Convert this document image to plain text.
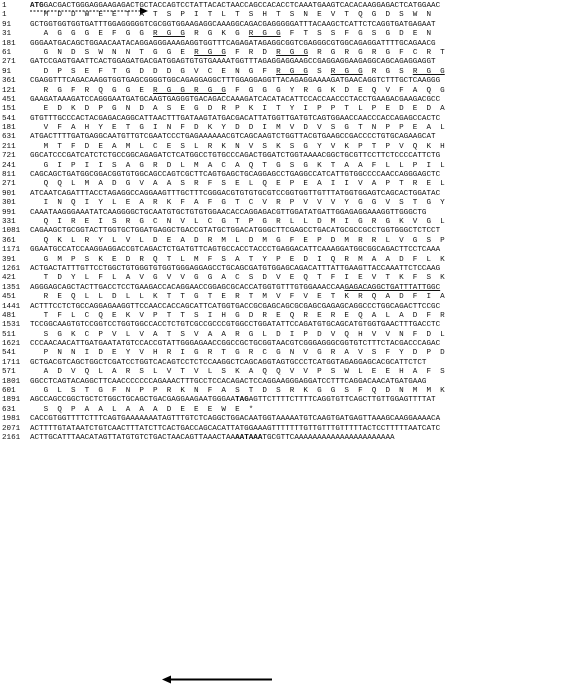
1	ATGGACGACTGGGAGGAAGAGACTGCTACCAGTCCTATTACACTAACCAGCCACACCTCAAATGAAGTCACACAAGGAGACTCATGGAAC
1	M  D  D  W  E  E  T  A  T  S  P  I  T  L  T  S  H  T  S  N  E  V  T  Q  G  D  S  W  N
91	GCTGGTGGTGGTGATTTGGAGGGGGTCGCGGTGGAAGAGGCAAAGGCAGACGAGGGGGATTTACAAGCTCATTCTCAGGTGATGAGAAT
31	A  G  G  G  E  F  G  G  R  G  G  R  G  K  G  R  G  G  F  T  S  S  F  G  S  G  D  E  N
181	GGGAATGACAGCTGGAACAATACAGGAGGGAAAGAGGTGGTTTCAGAGATAGAGGCGGTCGAGGGCGTGGCAGAGGATTTTGCAGAACG
61	G  N  D  S  W  N  N  T  G  G  E  R  G  G  F  R  D  R  G  G  R  G  R  G  R  G  F  C  R  T
271	GATCCGAGTGAATTCACTGGAGATGACGATGGAGTGTGTGAAAATGGTTTAGAGGAGGAAGCCGAGGAGGAAGAGGCAGCAGAGGAGGT
91	D  P  S  E  F  T  G  D  D  D  G  V  C  E  N  G  F  R  G  G  S  R  G  G  R  G  S  R  G  G
361	CGAGGTTTCAGACAAGGTGGTGAGCGGGGTGGCAGAGGAGGCTTTGGAGGAGGTTACAGAGGAAAAGATGAACAGGTCTTTGCTCAAGGG
121	R  G  F  R  Q  G  G  E  R  G  G  R  G  G  F  G  G  G  Y  R  G  K  D  E  Q  V  F  A  Q  G
451	GAAGATAAAGATCCAGGGAATGATGCAAGTGAGGGTGACAGACCAAAGATCACATACATTCCACCAACCCTACCTGAAGACGAAGACGCC
151	E  D  K  D  P  G  N  D  A  S  E  G  D  R  P  K  I  T  Y  I  P  P  T  L  P  E  D  E  D  A
541	GTGTTTGCCCACTACGAGACAGGCATTAACTTTGATAAGTATGACGACATTATGGTTGATGTCAGTGGAACCAACCCACCAGAGCCACTC
181	V  F  A  H  Y  E  T  G  I  N  F  D  K  Y  D  D  I  M  V  D  V  S  G  T  N  P  P  E  A  L
631	ATGACTTTTGATGAGGCAATGTTGTCGAATCCCTGAGAAAAAACGTCAGCAAGTCTGGTTACGTGAAGCCGACCCCTGTGCAGAAGCAT
211	M  T  F  D  E  A  M  L  C  E  S  L  R  K  N  V  S  K  S  G  Y  V  K  P  T  P  V  Q  K  H
721	GGCATCCCGATCATCTCTGCCGGCAGAGATCTCATGGCCTGTGCCCAGACTGGATCTGGTAAAACGGCTGCGTTCCTTCTCCCCATTCTG
241	G  I  P  I  I  S  A  G  R  D  L  M  A  C  A  Q  T  G  S  G  K  T  A  A  F  L  L  P  I  L
811	CAGCAGCTGATGGCGGACGGTGTGGCAGCCAGTCGCTTCAGTGAGCTGCAGGAGCCTGAGGCCATCATTGTGGCCCCAACCAGGGAGCTC
271	Q  Q  L  M  A  D  G  V  A  A  S  R  F  S  E  L  Q  E  P  E  A  I  I  V  A  P  T  R  E  L
901	ATCAATCAGATTTACCTAGAGGCCAGGAAGTTTGCTTTCGGGACGTGTGTGCGTCCGGTGGTTGTTTATGGTGGAGTCAGCACTGGATAC
301	I  N  Q  I  Y  L  E  A  R  K  F  A  F  G  T  C  V  R  P  V  V  V  Y  G  G  V  S  T  G  Y
991	CAAATAAGGGAAATATCAAGGGGCTGCAATGTGCTGTGTGGAACACCAGGAGACGTTGGATATGATTGGAGAGGAAAGGTTGGGCTG
331	Q  I  R  E  I  S  R  G  C  N  V  L  C  G  T  P  G  R  L  L  D  M  I  G  R  G  K  V  G  L
1081	CAGAAGCTGCGGTACTTGGTGCTGGATGAGGCTGACCGTATGCTGGACATGGGCTTCGAGCCTGACATGCGCCGCCTGGTGGGCTCTCCT
361	Q  K  L  R  Y  L  V  L  D  E  A  D  R  M  L  D  M  G  F  E  P  D  M  R  R  L  V  G  S  P
1171	GGAATGCCATCCAAGGAGGACCGTCAGACTCTGATGTTCAGTGCCACCTACCCTGAGGACATTCAAAGGATGGCGGCAGACTTCCTCAAA
391	G  M  P  S  K  E  D  R  Q  T  L  M  F  S  A  T  Y  P  E  D  I  Q  R  M  A  A  D  F  L  K
1261	ACTGACTATTTGTTCCTGGCTGTGGGTGTGGTGGGAGGAGCCTGCAGCGATGTGGAGCAGACATTTATTGAAGTTACCAAATTCTCCAAG
421	T  D  Y  L  F  L  A  V  G  V  V  G  G  A  C  S  D  V  E  Q  T  F  I  E  V  T  K  F  S  K
1351	AGGGAGCAGCTACTTGACCTCCTGAAGACCACAGGAACCGGAGCGCACCATGGTGTTTGTGGAAACCAAGAGACAGGCTGATTTATTGGC
451	R  E  Q  L  L  D  L  L  K  T  T  G  T  E  R  T  M  V  F  V  E  T  K  R  Q  A  D  F  I  A
1441	ACTTTCCTCTGCCAGGAGAAGGTTCCAACCACCAGCATTCATGGTGACCGCGAGCAGCGCGAGCGAGAGCAGGCCCTGGCAGACTTCCGC
481	T  F  L  C  Q  E  K  V  P  T  T  S  I  H  G  D  R  E  Q  R  E  R  E  Q  A  L  A  D  F  R
1531	TCCGGCAAGTGTCCGGTCCTGGTGGCCACCTCTGTCGCCGCCCGTGGCCTGGATATTCCAGATGTGCAGCATGTGGTGAACTTTGACCTC
511	S  G  K  C  P  V  L  V  A  T  S  V  A  A  R  G  L  D  I  P  D  V  Q  H  V  V  N  F  D  L
1621	CCCAACAACATTGATGAATATGTCCACCGTATTGGGAGAACCGGCCGCTGCGGTAACGTCGGGAGGGCGGTGTCTTTCTACGACCCAGAC
541	P  N  N  I  D  E  Y  V  H  R  I  G  R  T  G  R  C  G  N  V  G  R  A  V  S  F  Y  D  P  D
1711	GCTGACGTCAGCTGGCTCGATCCTGGTCACAGTCCTCTCCAAGGCTCAGCAGGTAGTGCCCTCATGGTAGAGGAGCACGCATTCTCT
571	A  D  V  Q  L  A  R  S  L  V  T  V  L  S  K  A  Q  Q  V  V  P  S  W  L  E  E  H  A  F  S
1801	GGCCTCAGTACAGGCTTCAACCCCCCCAGAAACTTTGCCTCCACAGACTCCAGGAAGGGAGGATCCTTTCAGGACAACATGATGAAG
601	G  L  S  T  G  F  N  P  P  R  K  N  F  A  S  T  D  S  R  K  G  G  S  F  Q  D  N  M  M  K
1891	AGCCAGCCGGCTGCTCTGGCTGCAGCTGACGAGGAAGAATGGGAATAGAGTTCTTTTCTTTTCAGGTGTTCAGCTTGTTGGAGTTTTAT
631	S  Q  P  A  A  L  A  A  A  D  E  E  E  W  E  *
1981	CACCGTGGTTTTCTTTCAGTGAAAAAAATAGTTTGTCTCAGGCTGGACAATGGTAAAAATGTCAAGTGATGAGTTAAAGCAAGGAAAACA
2071	ACTTTTGTATAATCTGTCAACTTTATCTTCACTGACCAGCACATTATGGAAAGTTTTTTTGTTGTTTGTTTTTACTCCTTTTTAATCATC
2161	ACTTGCATTTAACATAGTTATGTGTCTGACTAACAGTTAAACTAAAATAAATGCGTTCAAAAAAAAAAAAAAAAAAAAAA
